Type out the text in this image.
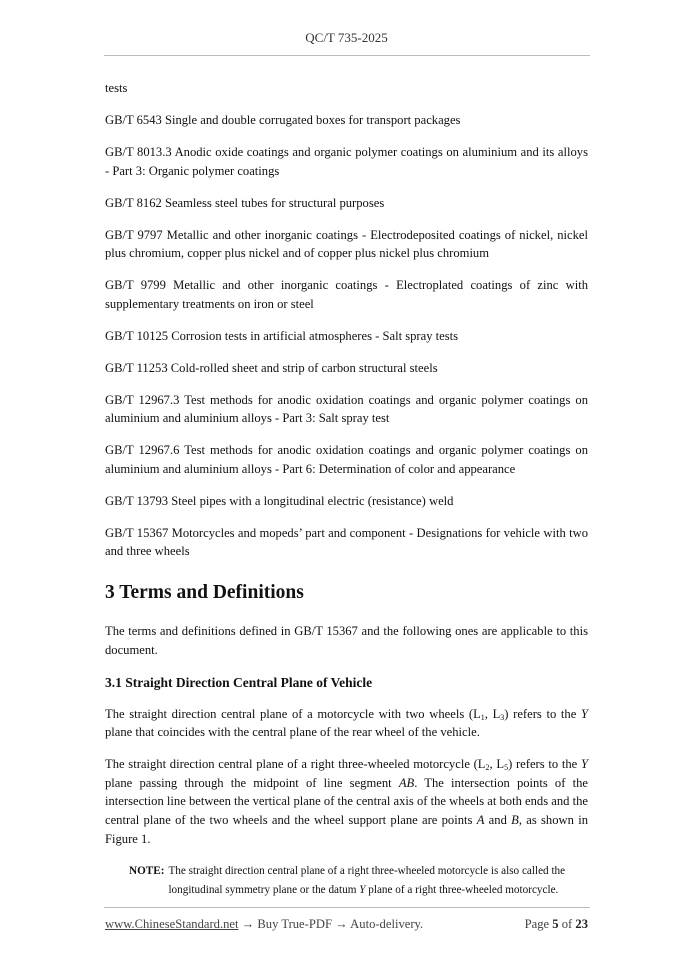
QC/T 735-2025

tests

GB/T 6543 Single and double corrugated boxes for transport packages

GB/T 8013.3 Anodic oxide coatings and organic polymer coatings on aluminium and its alloys - Part 3: Organic polymer coatings

GB/T 8162 Seamless steel tubes for structural purposes

GB/T 9797 Metallic and other inorganic coatings - Electrodeposited coatings of nickel, nickel plus chromium, copper plus nickel and of copper plus nickel plus chromium

GB/T 9799 Metallic and other inorganic coatings - Electroplated coatings of zinc with supplementary treatments on iron or steel

GB/T 10125 Corrosion tests in artificial atmospheres - Salt spray tests

GB/T 11253 Cold-rolled sheet and strip of carbon structural steels

GB/T 12967.3 Test methods for anodic oxidation coatings and organic polymer coatings on aluminium and aluminium alloys - Part 3: Salt spray test

GB/T 12967.6 Test methods for anodic oxidation coatings and organic polymer coatings on aluminium and aluminium alloys - Part 6: Determination of color and appearance

GB/T 13793 Steel pipes with a longitudinal electric (resistance) weld

GB/T 15367 Motorcycles and mopeds’ part and component - Designations for vehicle with two and three wheels

3 Terms and Definitions

The terms and definitions defined in GB/T 15367 and the following ones are applicable to this document.

3.1 Straight Direction Central Plane of Vehicle

The straight direction central plane of a motorcycle with two wheels ($L_1$, $L_3$) refers to the Y plane that coincides with the central plane of the rear wheel of the vehicle.

The straight direction central plane of a right three-wheeled motorcycle ($L_2$, $L_5$) refers to the Y plane passing through the midpoint of line segment AB. The intersection points of the intersection line between the vertical plane of the central axis of the wheels at both ends and the central plane of the two wheels and the wheel support plane are points A and B, as shown in Figure 1.

NOTE: The straight direction central plane of a right three-wheeled motorcycle is also called the longitudinal symmetry plane or the datum Y plane of a right three-wheeled motorcycle.
www.ChineseStandard.net → Buy True-PDF → Auto-delivery.	Page 5 of 23
